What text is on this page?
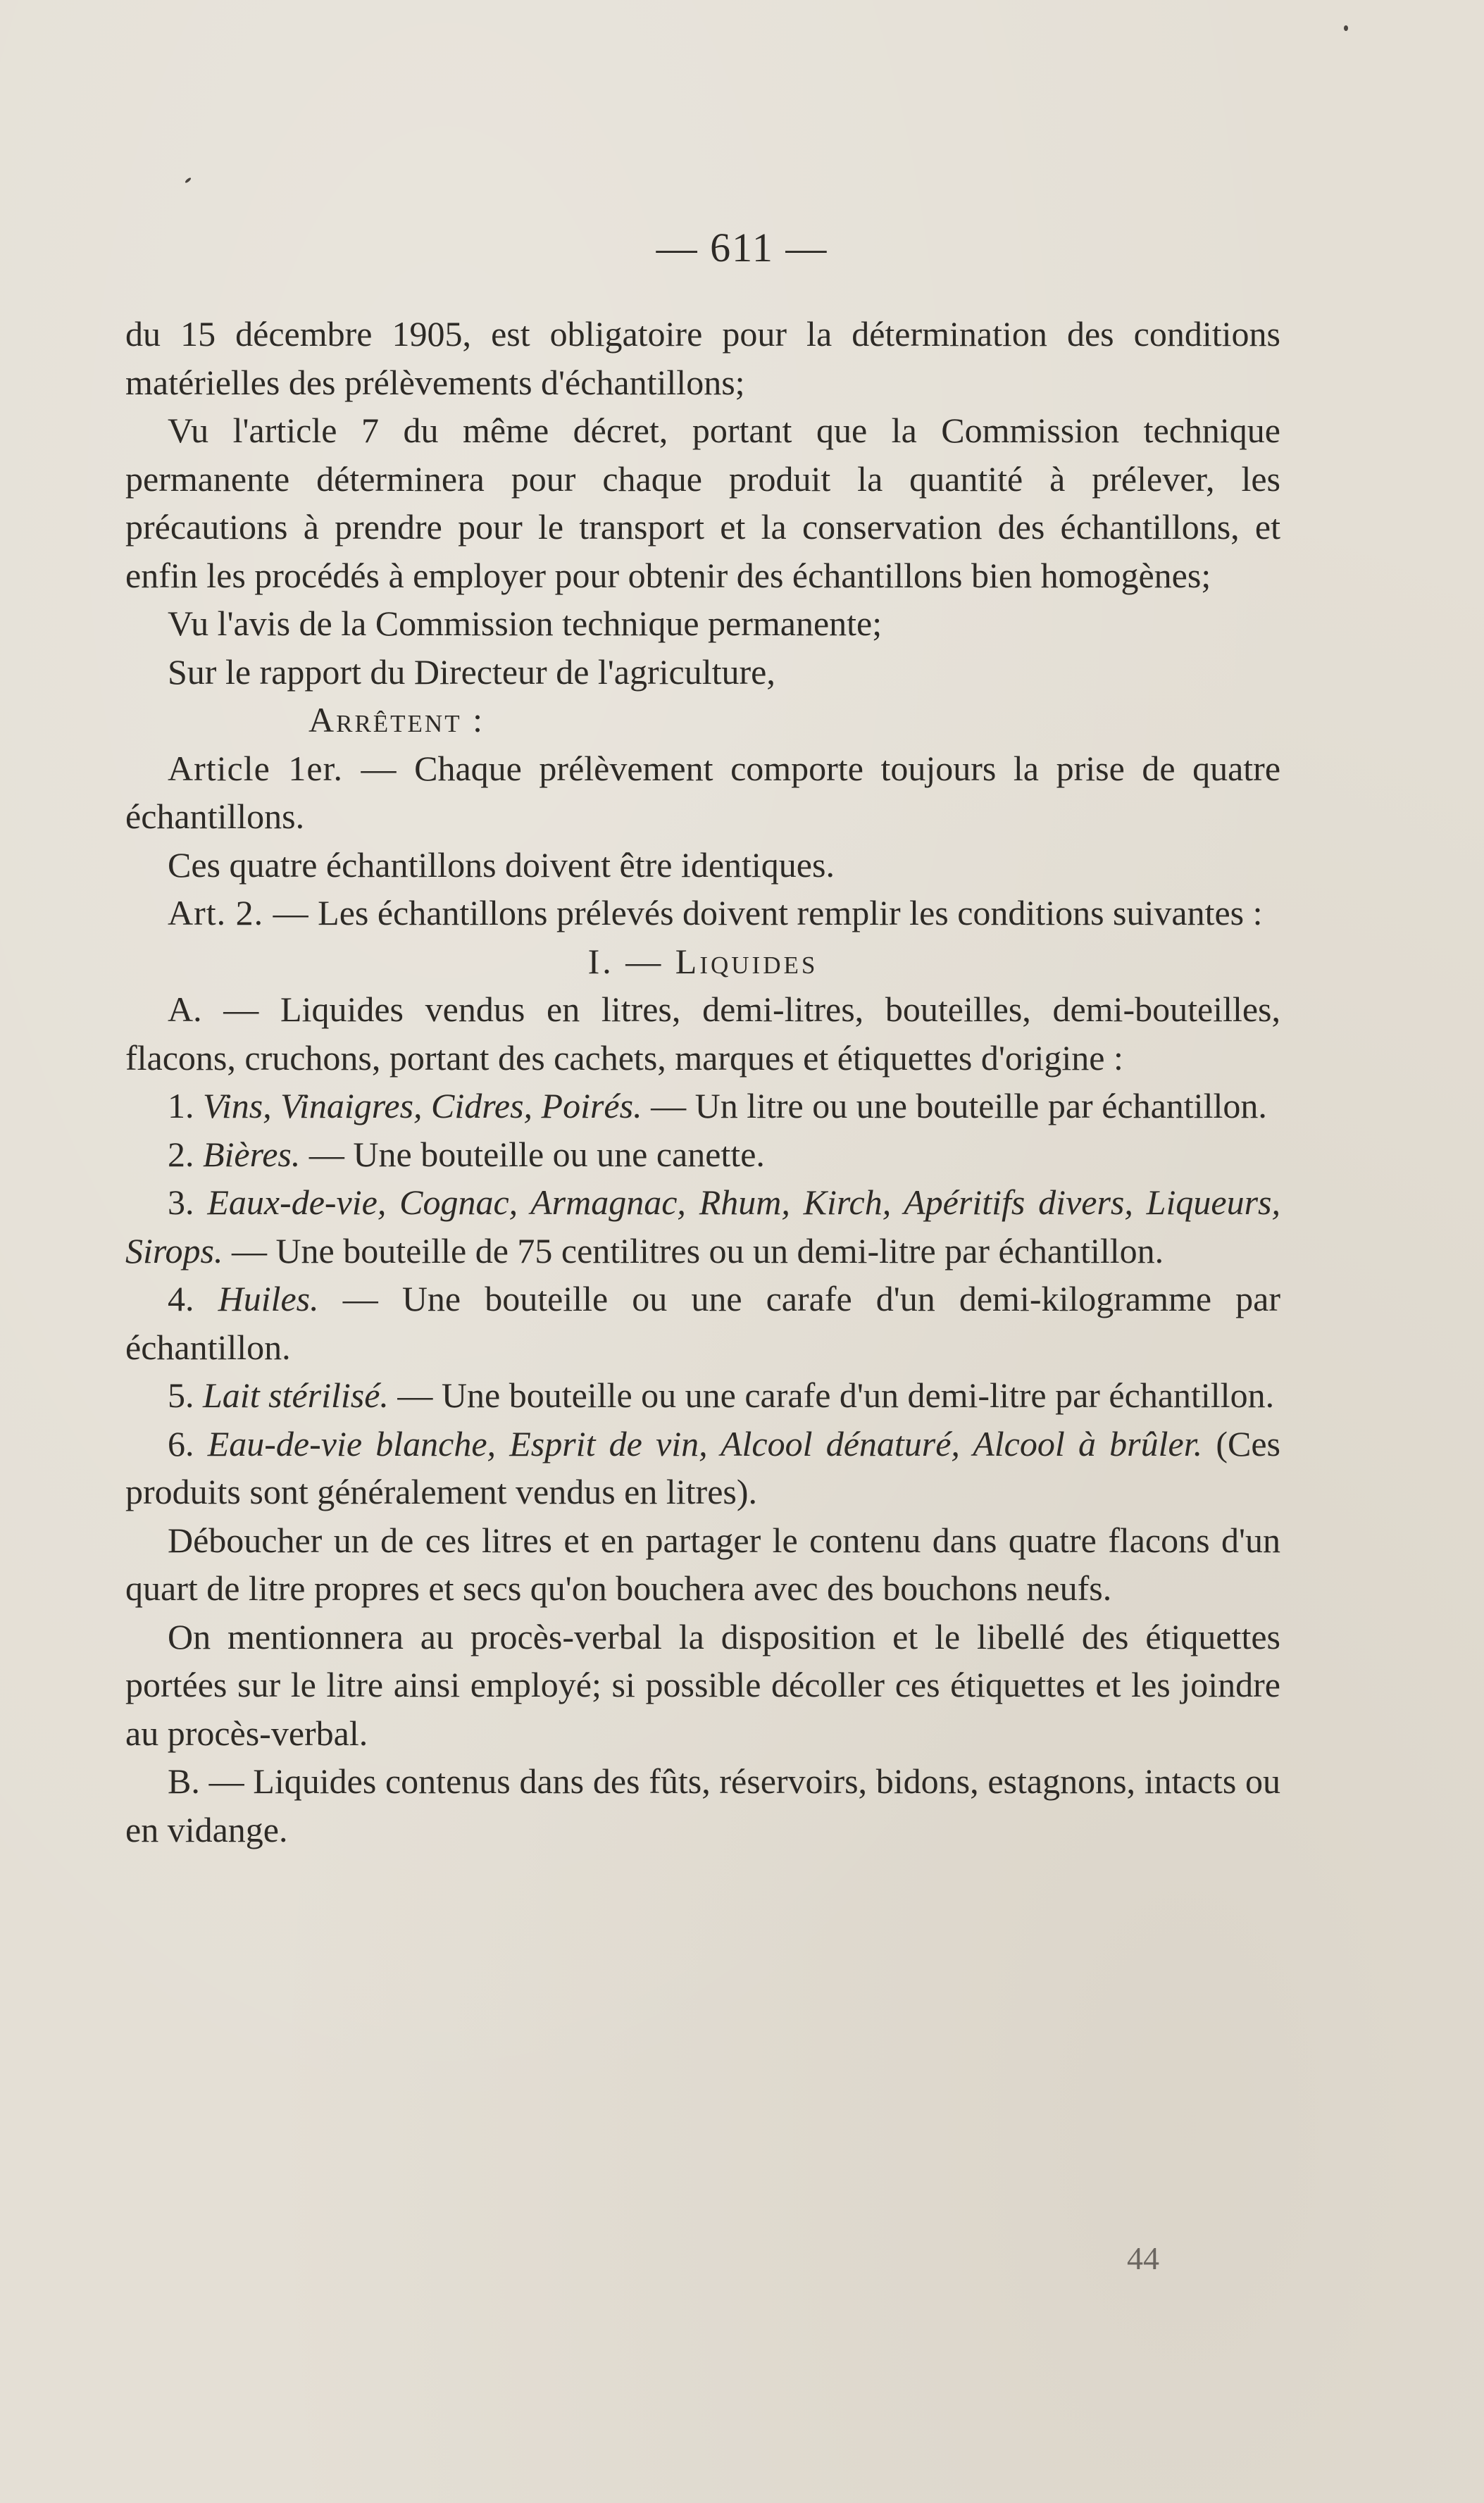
— 611 —

du 15 décembre 1905, est obligatoire pour la détermination des conditions matérielles des prélèvements d'échantillons;

Vu l'article 7 du même décret, portant que la Commission technique permanente déterminera pour chaque produit la quantité à prélever, les précautions à prendre pour le transport et la conservation des échantillons, et enfin les procédés à employer pour obtenir des échantillons bien homogènes;

Vu l'avis de la Commission technique permanente;

Sur le rapport du Directeur de l'agriculture,

Arrêtent :

Article 1er. — Chaque prélèvement comporte toujours la prise de quatre échantillons.

Ces quatre échantillons doivent être identiques.

Art. 2. — Les échantillons prélevés doivent remplir les conditions suivantes :

I. — Liquides

A. — Liquides vendus en litres, demi-litres, bouteilles, demi-bouteilles, flacons, cruchons, portant des cachets, marques et étiquettes d'origine :

1. Vins, Vinaigres, Cidres, Poirés. — Un litre ou une bouteille par échantillon.

2. Bières. — Une bouteille ou une canette.

3. Eaux-de-vie, Cognac, Armagnac, Rhum, Kirch, Apéritifs divers, Liqueurs, Sirops. — Une bouteille de 75 centilitres ou un demi-litre par échantillon.

4. Huiles. — Une bouteille ou une carafe d'un demi-kilogramme par échantillon.

5. Lait stérilisé. — Une bouteille ou une carafe d'un demi-litre par échantillon.

6. Eau-de-vie blanche, Esprit de vin, Alcool dénaturé, Alcool à brûler. (Ces produits sont généralement vendus en litres).

Déboucher un de ces litres et en partager le contenu dans quatre flacons d'un quart de litre propres et secs qu'on bouchera avec des bouchons neufs.

On mentionnera au procès-verbal la disposition et le libellé des étiquettes portées sur le litre ainsi employé; si possible décoller ces étiquettes et les joindre au procès-verbal.

B. — Liquides contenus dans des fûts, réservoirs, bidons, estagnons, intacts ou en vidange.

44
